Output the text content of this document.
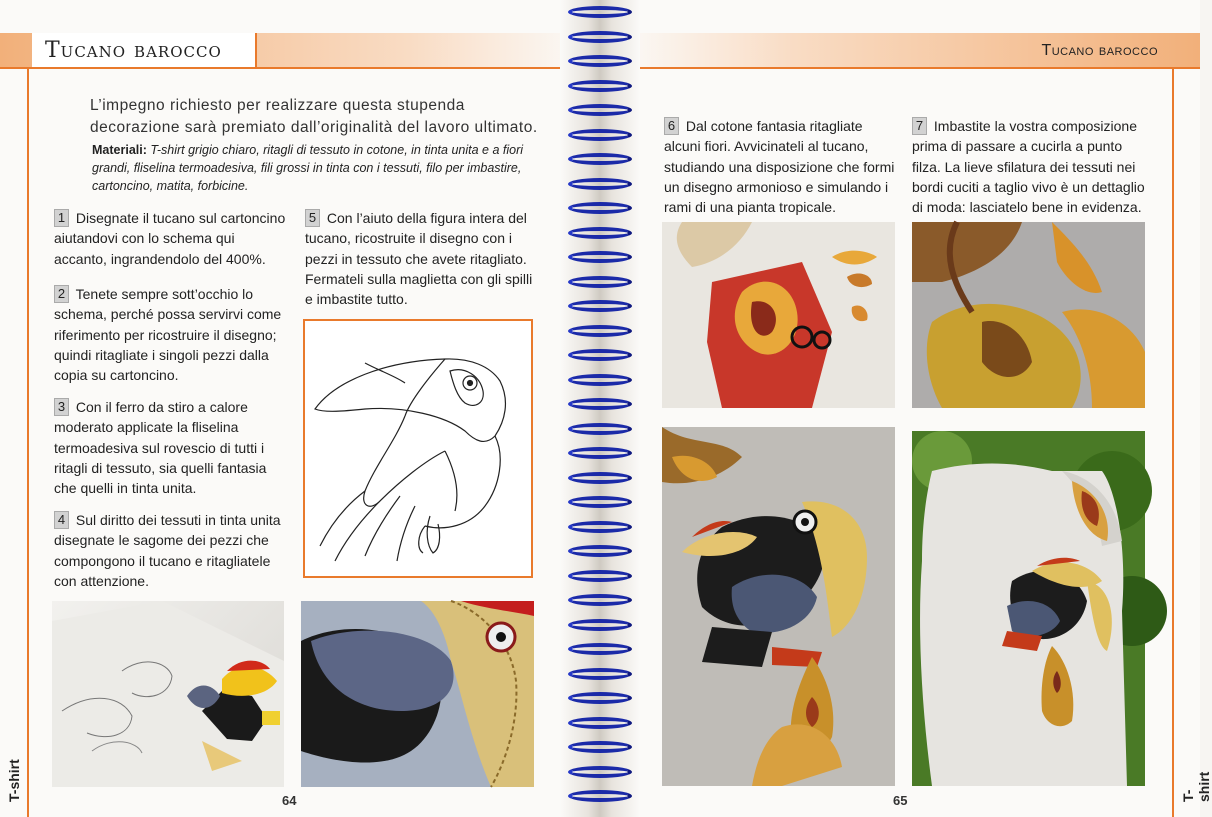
Tucano barocco	Tucano barocco
T-shirt	T-shirt
L’impegno richiesto per realizzare questa stupenda decorazione sarà premiato dall’originalità del lavoro ultimato.
Materiali: T-shirt grigio chiaro, ritagli di tessuto in cotone, in tinta unita e a fiori grandi, fliselina termoadesiva, fili grossi in tinta con i tessuti, filo per imbastire, cartoncino, matita, forbicine.
1 Disegnate il tucano sul cartoncino aiutandovi con lo schema qui accanto, ingrandendolo del 400%.
2 Tenete sempre sott’occhio lo schema, perché possa servirvi come riferimento per ricostruire il disegno; quindi ritagliate i singoli pezzi dalla copia su cartoncino.
3 Con il ferro da stiro a calore moderato applicate la fliselina termoadesiva sul rovescio di tutti i ritagli di tessuto, sia quelli fantasia che quelli in tinta unita.
4 Sul diritto dei tessuti in tinta unita disegnate le sagome dei pezzi che compongono il tucano e ritagliatele con attenzione.
5 Con l’aiuto della figura intera del tucano, ricostruite il disegno con i pezzi in tessuto che avete ritagliato. Fermateli sulla maglietta con gli spilli e imbastite tutto.
64
6 Dal cotone fantasia ritagliate alcuni fiori. Avvicinateli al tucano, studiando una disposizione che formi un disegno armonioso e simulando i rami di una pianta tropicale.
7 Imbastite la vostra composizione prima di passare a cucirla a punto filza. La lieve sfilatura dei tessuti nei bordi cuciti a taglio vivo è un dettaglio di moda: lasciatelo bene in evidenza.
65
